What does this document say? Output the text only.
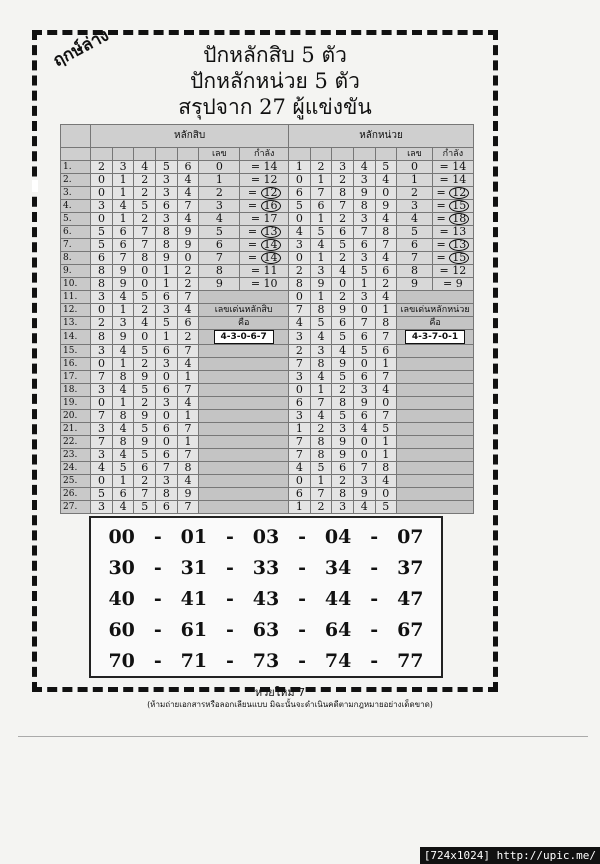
ฤกษ์ล่าง	ปักหลักสิบ 5 ตัว
ปักหลักหน่วย 5 ตัว
สรุปจาก 27 ผู้แข่งขัน
	หลักสิบ							หลักหน่วย						
						เลข	กำลัง						เลข	กำลัง
1.	2	3	4	5	6	0	= 14	1	2	3	4	5	0	= 14
2.	0	1	2	3	4	1	= 12	0	1	2	3	4	1	= 14
3.	0	1	2	3	4	2	= 12	6	7	8	9	0	2	= 12
4.	3	4	5	6	7	3	= 16	5	6	7	8	9	3	= 15
5.	0	1	2	3	4	4	= 17	0	1	2	3	4	4	= 18
6.	5	6	7	8	9	5	= 13	4	5	6	7	8	5	= 13
7.	5	6	7	8	9	6	= 14	3	4	5	6	7	6	= 13
8.	6	7	8	9	0	7	= 14	0	1	2	3	4	7	= 15
9.	8	9	0	1	2	8	= 11	2	3	4	5	6	8	= 12
10.	8	9	0	1	2	9	= 10	8	9	0	1	2	9	= 9
11.	3	4	5	6	7			0	1	2	3	4		
12.	0	1	2	3	4	เลขเด่นหลักสิบ		7	8	9	0	1	เลขเด่นหลักหน่วย	
13.	2	3	4	5	6	คือ		4	5	6	7	8	คือ	
14.	8	9	0	1	2	4-3-0-6-7		3	4	5	6	7	4-3-7-0-1	
15.	3	4	5	6	7			2	3	4	5	6		
16.	0	1	2	3	4			7	8	9	0	1		
17.	7	8	9	0	1			3	4	5	6	7		
18.	3	4	5	6	7			0	1	2	3	4		
19.	0	1	2	3	4			6	7	8	9	0		
20.	7	8	9	0	1			3	4	5	6	7		
21.	3	4	5	6	7			1	2	3	4	5		
22.	7	8	9	0	1			7	8	9	0	1		
23.	3	4	5	6	7			7	8	9	0	1		
24.	4	5	6	7	8			4	5	6	7	8		
25.	0	1	2	3	4			0	1	2	3	4		
26.	5	6	7	8	9			6	7	8	9	0		
27.	3	4	5	6	7			1	2	3	4	5		
00 - 01 - 03 - 04 - 07
30 - 31 - 33 - 34 - 37
40 - 41 - 43 - 44 - 47
60 - 61 - 63 - 64 - 67
70 - 71 - 73 - 74 - 77
หวยใหม่ 7
(ห้ามถ่ายเอกสารหรือลอกเลียนแบบ มิฉะนั้นจะดำเนินคดีตามกฎหมายอย่างเด็ดขาด)
[724x1024] http://upic.me/
